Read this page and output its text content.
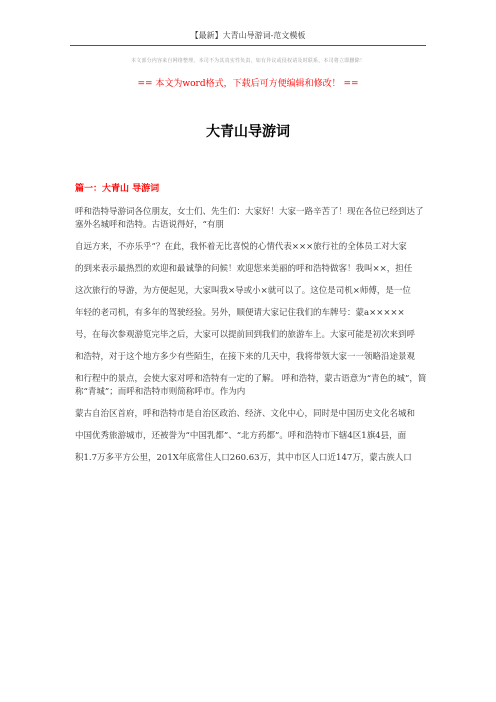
【最新】大青山导游词-范文模板
本文部分内容来自网络整理，本司不为其真实性负责，如有异议或侵权请及时联系，本司将立即删除！
== 本文为word格式，下载后可方便编辑和修改！ ==
大青山导游词
篇一：大青山 导游词

呼和浩特导游词各位朋友，女士们、先生们：大家好！大家一路辛苦了！现在各位已经到达了塞外名城呼和浩特。古语说得好，“有朋

自远方来，不亦乐乎”？在此，我怀着无比喜悦的心情代表×××旅行社的全体员工对大家

的到来表示最热烈的欢迎和最诚挚的问候！欢迎您来美丽的呼和浩特做客！我叫××，担任

这次旅行的导游，为方便起见，大家叫我×导或小×就可以了。这位是司机×师傅，是一位

年轻的老司机，有多年的驾驶经验。另外，顺便请大家记住我们的车牌号：蒙a×××××

号，在每次参观游览完毕之后，大家可以提前回到我们的旅游车上。大家可能是初次来到呼

和浩特，对于这个地方多少有些陌生，在接下来的几天中，我将带领大家一一领略沿途景观

和行程中的景点，会使大家对呼和浩特有一定的了解。 呼和浩特，蒙古语意为“青色的城”，简称“青城”；而呼和浩特市则简称呼市。作为内

蒙古自治区首府，呼和浩特市是自治区政治、经济、文化中心，同时是中国历史文化名城和

中国优秀旅游城市，还被誉为“中国乳都”、“北方药都”。呼和浩特市下辖4区1旗4县，面

积1.7万多平方公里，201X年底常住人口260.63万，其中市区人口近147万，蒙古族人口
